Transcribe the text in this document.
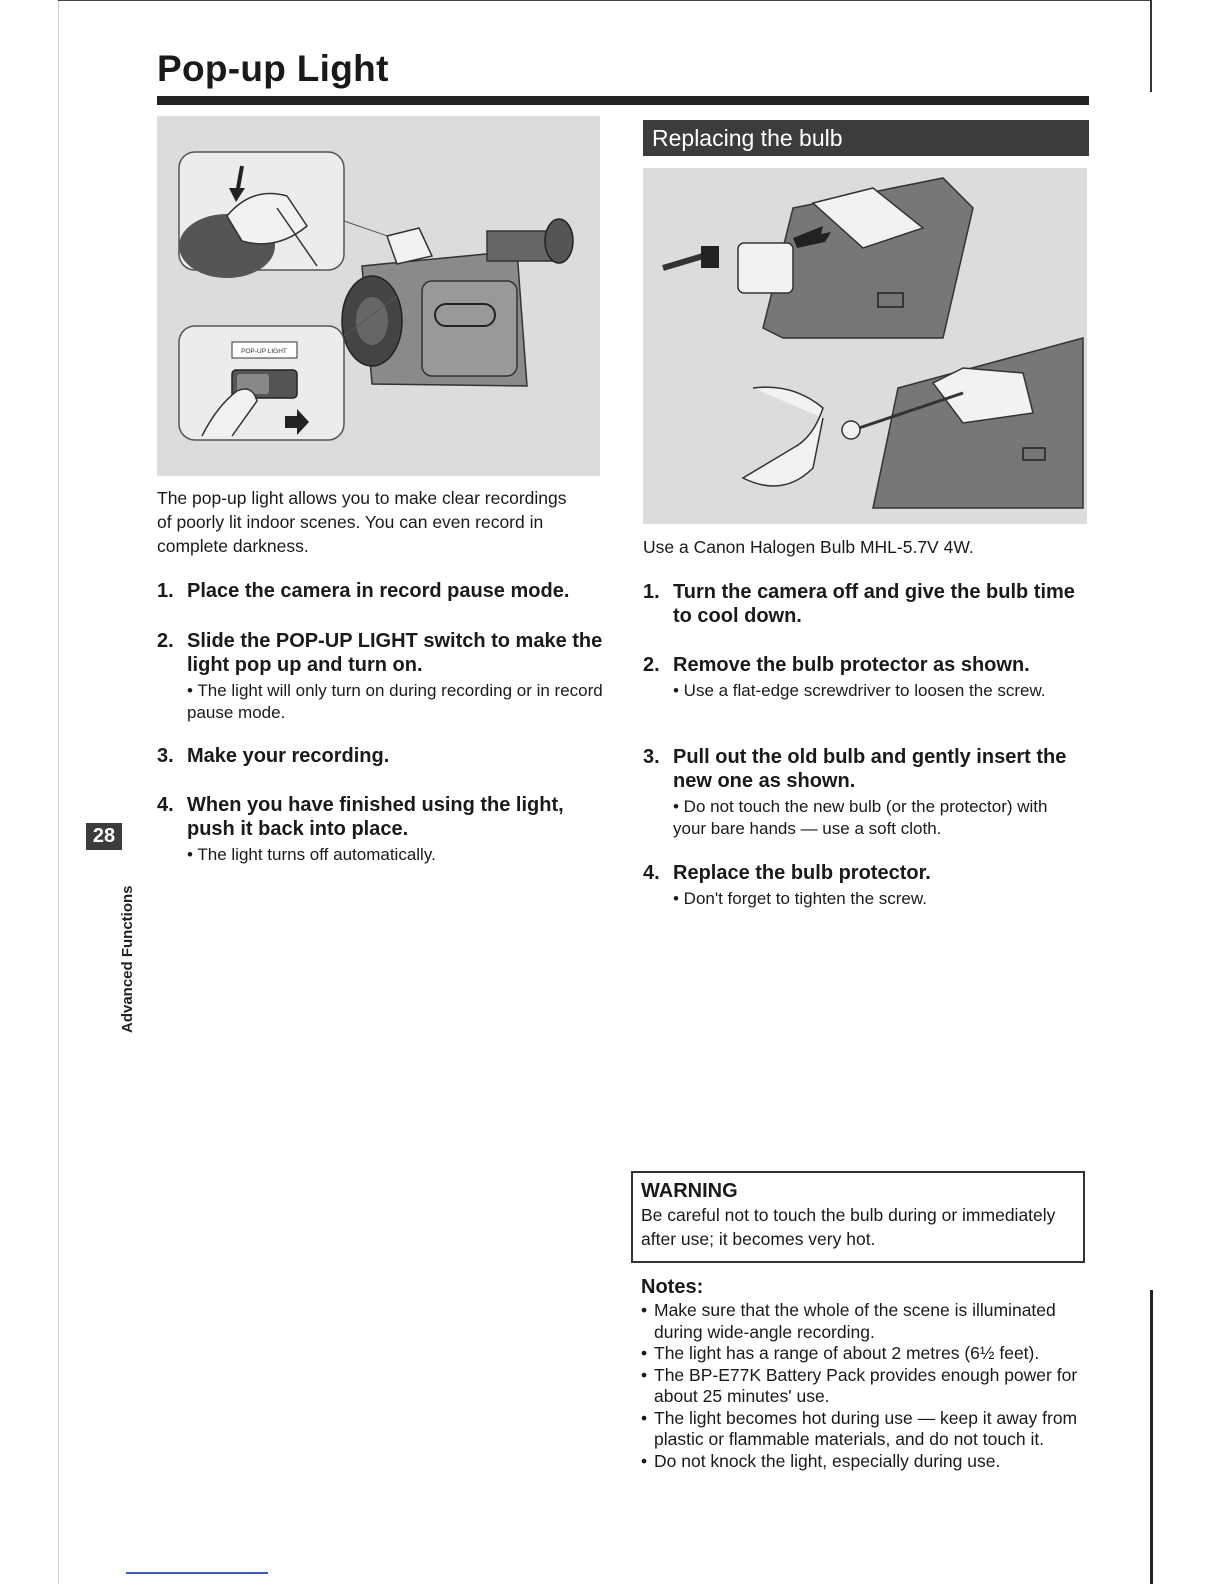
Pop-up Light
POP-UP LIGHT

The pop-up light allows you to make clear recordings of poorly lit indoor scenes. You can even record in complete darkness.

1. Place the camera in record pause mode.
2. Slide the POP-UP LIGHT switch to make the light pop up and turn on.
• The light will only turn on during recording or in record pause mode.
3. Make your recording.
4. When you have finished using the light, push it back into place.
• The light turns off automatically.
Replacing the bulb

Use a Canon Halogen Bulb MHL-5.7V 4W.

1. Turn the camera off and give the bulb time to cool down.
2. Remove the bulb protector as shown.
• Use a flat-edge screwdriver to loosen the screw.
3. Pull out the old bulb and gently insert the new one as shown.
• Do not touch the new bulb (or the protector) with your bare hands — use a soft cloth.
4. Replace the bulb protector.
• Don't forget to tighten the screw.
28
Advanced Functions
WARNING
Be careful not to touch the bulb during or immediately after use; it becomes very hot.
Notes:
• Make sure that the whole of the scene is illuminated during wide-angle recording.
• The light has a range of about 2 metres (6½ feet).
• The BP-E77K Battery Pack provides enough power for about 25 minutes' use.
• The light becomes hot during use — keep it away from plastic or flammable materials, and do not touch it.
• Do not knock the light, especially during use.
